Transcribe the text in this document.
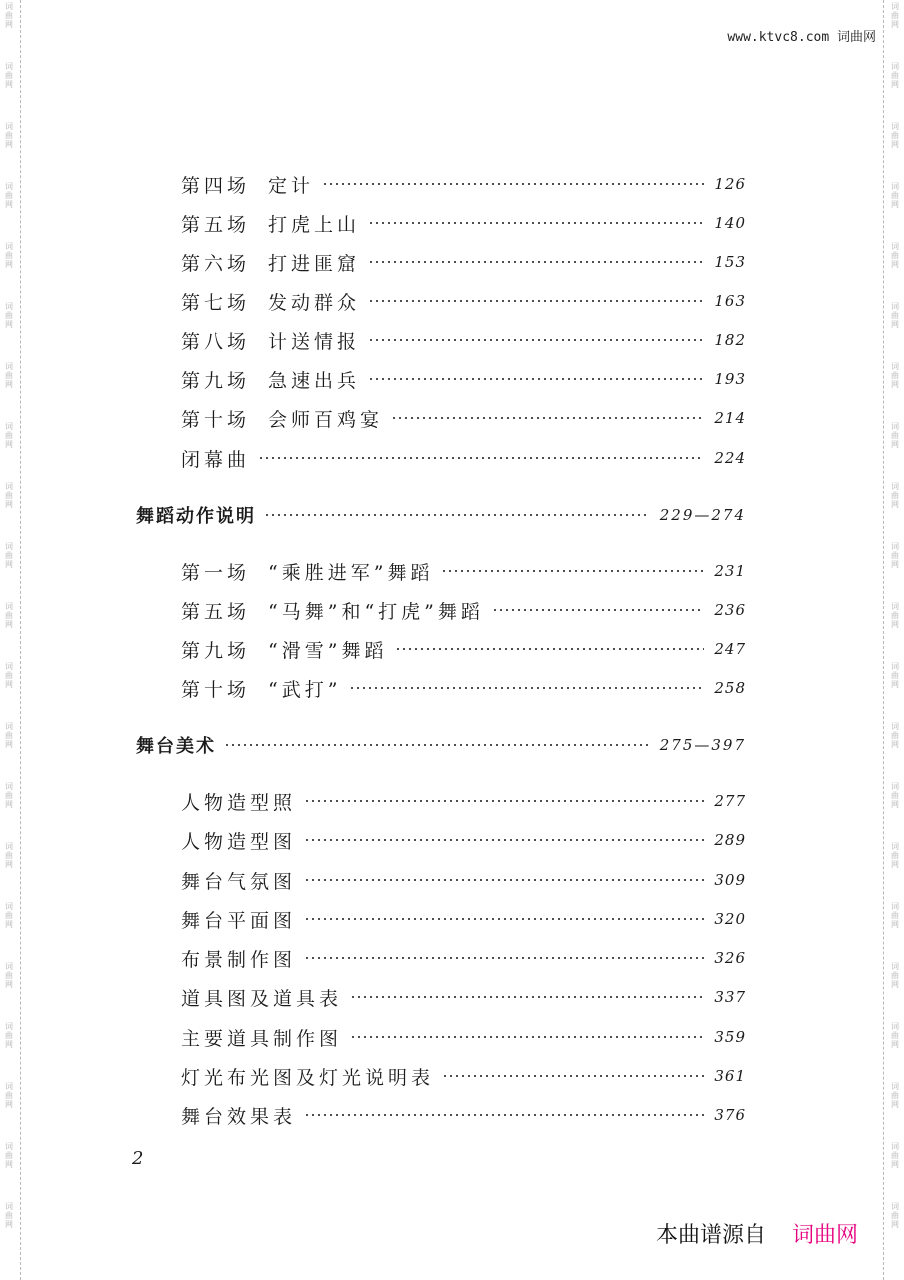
词
曲
网
词
曲
网
词
曲
网
词
曲
网
词
曲
网
词
曲
网
词
曲
网
词
曲
网
词
曲
网
词
曲
网
词
曲
网
词
曲
网
词
曲
网
词
曲
网
词
曲
网
词
曲
网
词
曲
网
词
曲
网
词
曲
网
词
曲
网
词
曲
网
词
曲
网
词
曲
网
词
曲
网
词
曲
网
词
曲
网
词
曲
网
词
曲
网
词
曲
网
词
曲
网
词
曲
网
词
曲
网
词
曲
网
词
曲
网
词
曲
网
词
曲
网
词
曲
网
词
曲
网
词
曲
网
词
曲
网
词
曲
网
词
曲
网
www.ktvc8.com 词曲网
第四场 定计	126
第五场 打虎上山	140
第六场 打进匪窟	153
第七场 发动群众	163
第八场 计送情报	182
第九场 急速出兵	193
第十场 会师百鸡宴	214
闭幕曲	224
舞蹈动作说明	229—274
第一场 “乘胜进军”舞蹈	231
第五场 “马舞”和“打虎”舞蹈	236
第九场 “滑雪”舞蹈	247
第十场 “武打”	258
舞台美术	275—397
人物造型照	277
人物造型图	289
舞台气氛图	309
舞台平面图	320
布景制作图	326
道具图及道具表	337
主要道具制作图	359
灯光布光图及灯光说明表	361
舞台效果表	376
2
本曲谱源自 词曲网
